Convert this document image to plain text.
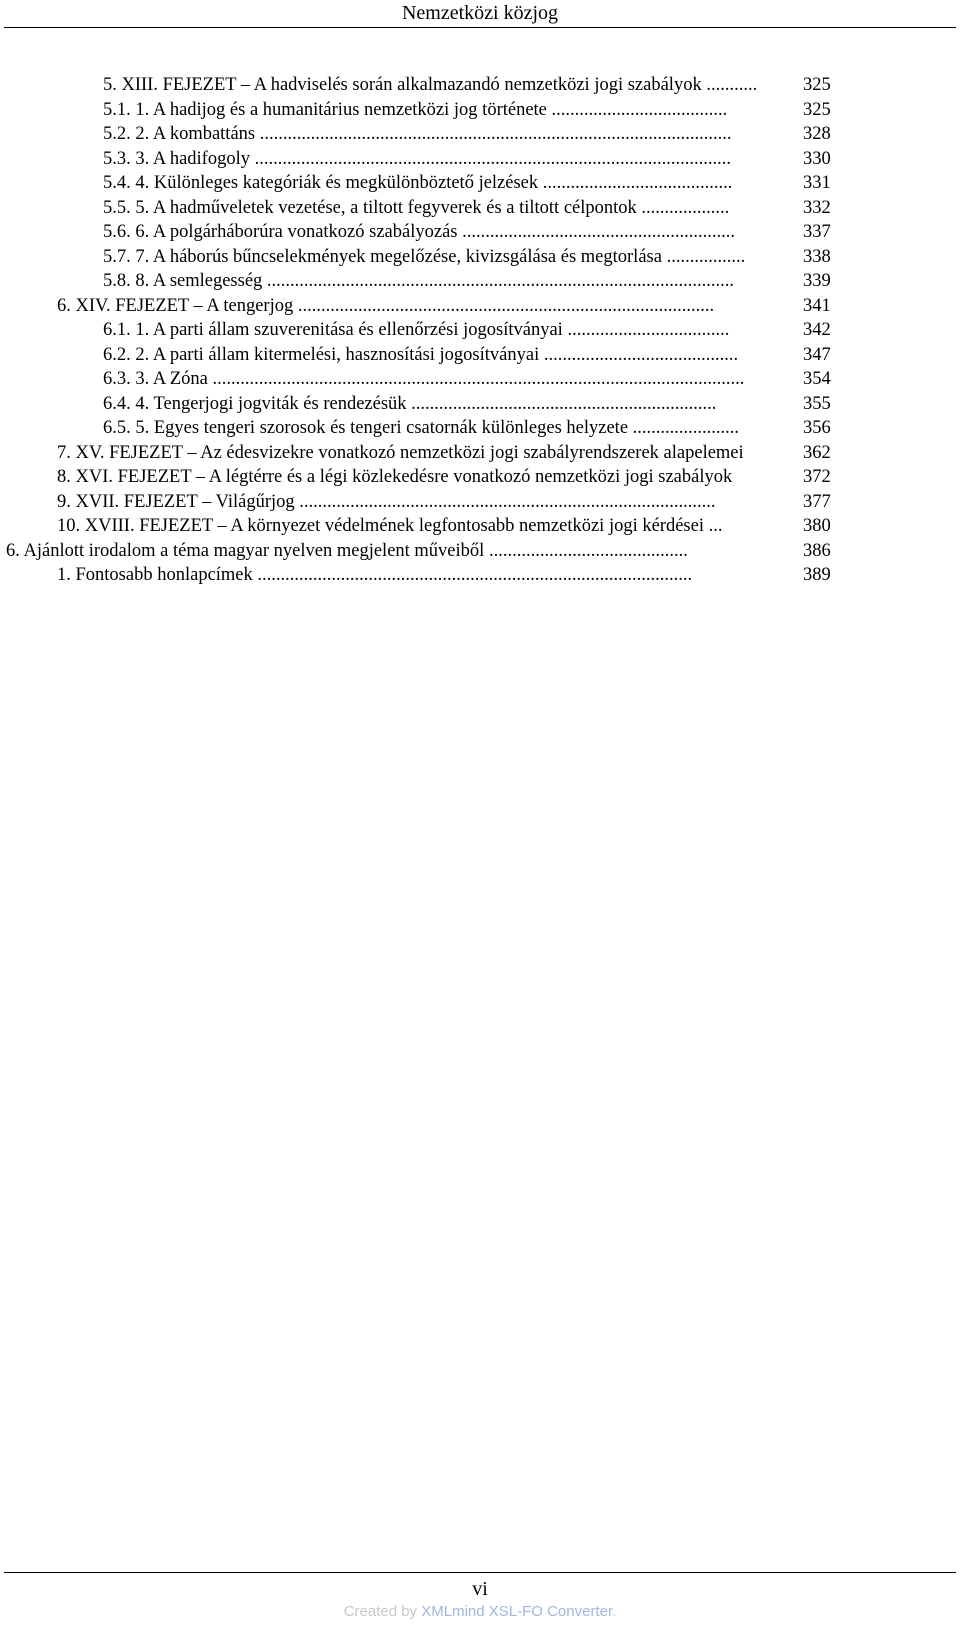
Nemzetközi közjog
5. XIII. FEJEZET – A hadviselés során alkalmazandó nemzetközi jogi szabályok ........... 325
5.1. 1. A hadijog és a humanitárius nemzetközi jog története ......................................	325
5.2. 2. A kombattáns ......................................................................................................	328
5.3. 3. A hadifogoly .......................................................................................................	330
5.4. 4. Különleges kategóriák és megkülönböztető jelzések .........................................	331
5.5. 5. A hadműveletek vezetése, a tiltott fegyverek és a tiltott célpontok ...................	332
5.6. 6. A polgárháborúra vonatkozó szabályozás ...........................................................	337
5.7. 7. A háborús bűncselekmények megelőzése, kivizsgálása és megtorlása .................	338
5.8. 8. A semlegesség .....................................................................................................	339
6. XIV. FEJEZET – A tengerjog ..........................................................................................	341
6.1. 1. A parti állam szuverenitása és ellenőrzési jogosítványai ...................................	342
6.2. 2. A parti állam kitermelési, hasznosítási jogosítványai ..........................................	347
6.3. 3. A Zóna ...................................................................................................................	354
6.4. 4. Tengerjogi jogviták és rendezésük ..................................................................	355
6.5. 5. Egyes tengeri szorosok és tengeri csatornák különleges helyzete .......................	356
7. XV. FEJEZET – Az édesvizekre vonatkozó nemzetközi jogi szabályrendszerek alapelemei	362
8. XVI. FEJEZET – A légtérre és a légi közlekedésre vonatkozó nemzetközi jogi szabályok	372
9. XVII. FEJEZET – Világűrjog ..........................................................................................	377
10. XVIII. FEJEZET – A környezet védelmének legfontosabb nemzetközi jogi kérdései ...	380
6. Ajánlott irodalom a téma magyar nyelven megjelent műveiből ...........................................	386
1. Fontosabb honlapcímek ..............................................................................................	389
vi
Created by XMLmind XSL-FO Converter.
